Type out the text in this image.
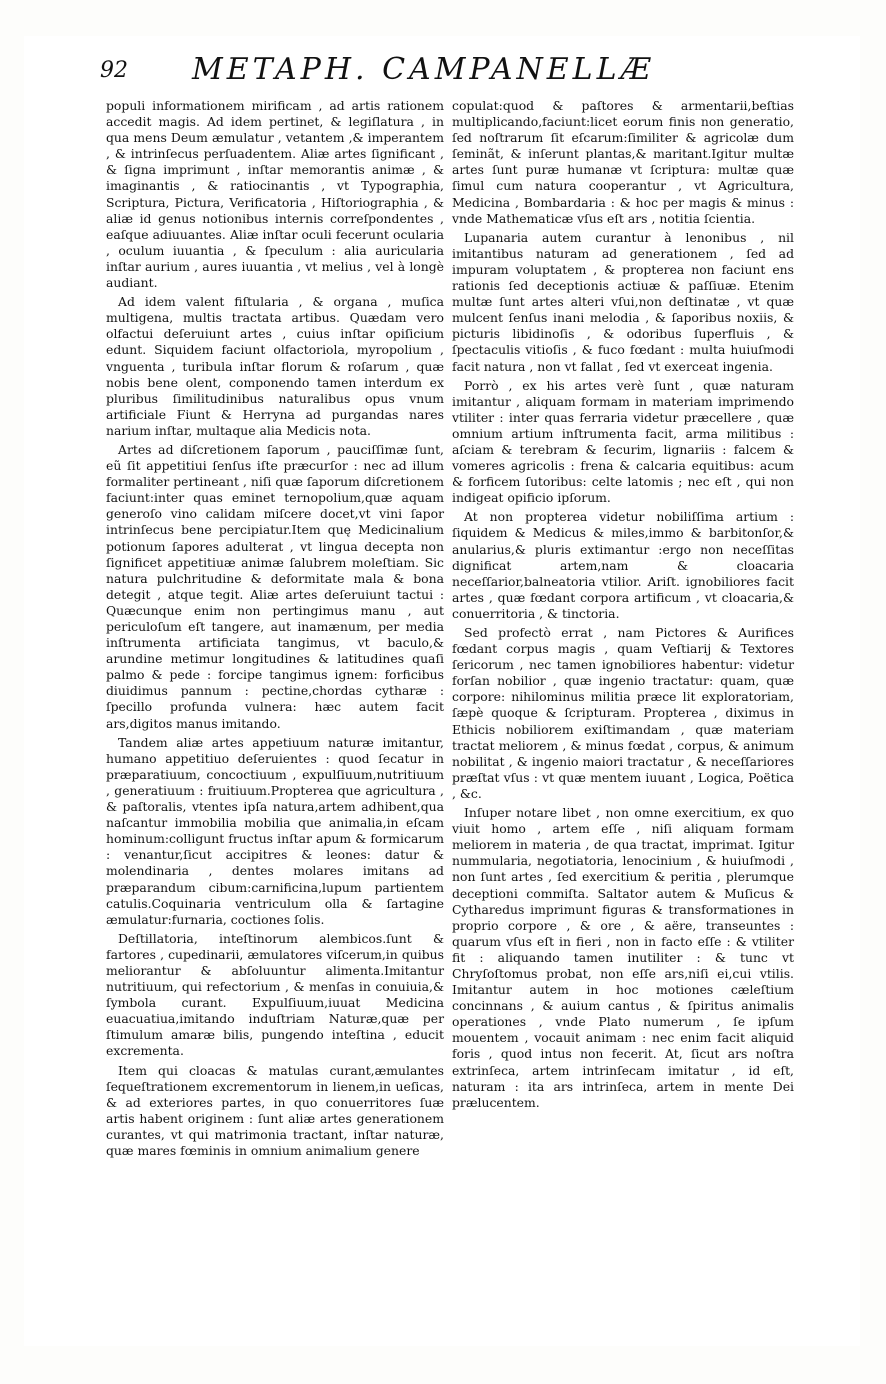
92 METAPH. CAMPANELLÆ

populi informationem mirificam , ad artis rationem accedit magis. Ad idem pertinet, & legiſlatura , in qua mens Deum æmulatur , vetantem ,& imperantem , & intrinſecus perſuadentem. Aliæ artes ſignificant , & ſigna imprimunt , inſtar memorantis animæ , & imaginantis , & ratiocinantis , vt Typographia, Scriptura, Pictura, Verificatoria , Hiſtoriographia , & aliæ id genus notionibus internis correſpondentes , eaſque adiuuantes. Aliæ inſtar oculi fecerunt ocularia , oculum iuuantia , & ſpeculum : alia auricularia inſtar aurium , aures iuuantia , vt melius , vel à longè audiant.

Ad idem valent fiſtularia , & organa , muſica multigena, multis tractata artibus. Quædam vero olfactui deſeruiunt artes , cuius inſtar opiſicium edunt. Siquidem faciunt olfactoriola, myropolium , vnguenta , turibula inſtar florum & roſarum , quæ nobis bene olent, componendo tamen interdum ex pluribus ſimilitudinibus naturalibus opus vnum artificiale Fiunt & Herryna ad purgandas nares narium inſtar, multaque alia Medicis nota.

Artes ad diſcretionem ſaporum , pauciſſimæ ſunt, eũ ſit appetitiui ſenſus iſte præcurſor : nec ad illum formaliter pertineant , niſi quæ ſaporum diſcretionem faciunt:inter quas eminet ternopolium,quæ aquam generoſo vino calidam miſcere docet,vt vini ſapor intrinſecus bene percipiatur.Item quę Medicinalium potionum ſapores adulterat , vt lingua decepta non ſignificet appetitiuæ animæ ſalubrem moleſtiam. Sic natura pulchritudine & deformitate mala & bona detegit , atque tegit. Aliæ artes deſeruiunt tactui : Quæcunque enim non pertingimus manu , aut periculoſum eſt tangere, aut inamænum, per media inſtrumenta artificiata tangimus, vt baculo,& arundine metimur longitudines & latitudines quaſi palmo & pede : forcipe tangimus ignem: forficibus diuidimus pannum : pectine,chordas cytharæ : ſpecillo profunda vulnera: hæc autem facit ars,digitos manus imitando.

Tandem aliæ artes appetiuum naturæ imitantur, humano appetitiuo deſeruientes : quod ſecatur in præparatiuum, concoctiuum , expulſiuum,nutritiuum , generatiuum : fruitiuum.Propterea que agricultura , & paſtoralis, vtentes ipſa natura,artem adhibent,qua naſcantur immobilia mobilia que animalia,in eſcam hominum:colligunt fructus inſtar apum & formicarum : venantur,ſicut accipitres & leones: datur & molendinaria , dentes molares imitans ad præparandum cibum:carnificina,lupum partientem catulis.Coquinaria ventriculum olla & ſartagine æmulatur:furnaria, coctiones ſolis.

Deſtillatoria, inteſtinorum alembicos.ſunt & fartores , cupedinarii, æmulatores viſcerum,in quibus meliorantur & abſoluuntur alimenta.Imitantur nutritiuum, qui refectorium , & menſas in conuiuia,& ſymbola curant. Expulſiuum,iuuat Medicina euacuatiua,imitando induſtriam Naturæ,quæ per ſtimulum amaræ bilis, pungendo inteſtina , educit excrementa.

Item qui cloacas & matulas curant,æmulantes ſequeſtrationem excrementorum in lienem,in ueſicas, & ad exteriores partes, in quo conuerritores ſuæ artis habent originem : ſunt aliæ artes generationem curantes, vt qui matrimonia tractant, inſtar naturæ, quæ mares fœminis in omnium animalium genere

copulat:quod & paſtores & armentarii,beſtias multiplicando,faciunt:licet eorum finis non generatio, ſed noſtrarum ſit eſcarum:ſimiliter & agricolæ dum ſeminãt, & inſerunt plantas,& maritant.Igitur multæ artes ſunt puræ humanæ vt ſcriptura: multæ quæ ſimul cum natura cooperantur , vt Agricultura, Medicina , Bombardaria : & hoc per magis & minus : vnde Mathematicæ vſus eſt ars , notitia ſcientia.

Lupanaria autem curantur à lenonibus , nil imitantibus naturam ad generationem , ſed ad impuram voluptatem , & propterea non faciunt ens rationis ſed deceptionis actiuæ & paſſiuæ. Etenim multæ ſunt artes alteri vſui,non deſtinatæ , vt quæ mulcent ſenſus inani melodia , & ſaporibus noxiis, & picturis libidinoſis , & odoribus ſuperfluis , & ſpectaculis vitioſis , & fuco fœdant : multa huiuſmodi facit natura , non vt fallat , ſed vt exerceat ingenia.

Porrò , ex his artes verè ſunt , quæ naturam imitantur , aliquam formam in materiam imprimendo vtiliter : inter quas ferraria videtur præcellere , quæ omnium artium inſtrumenta facit, arma militibus : aſciam & terebram & ſecurim, lignariis : falcem & vomeres agricolis : frena & calcaria equitibus: acum & forficem ſutoribus: celte latomis ; nec eſt , qui non indigeat opificio ipſorum.

At non propterea videtur nobiliſſima artium : ſiquidem & Medicus & miles,immo & barbitonſor,& anularius,& pluris extimantur :ergo non neceſſitas dignificat artem,nam & cloacaria neceſſarior,balneatoria vtilior. Ariſt. ignobiliores facit artes , quæ fœdant corpora artificum , vt cloacaria,& conuerritoria , & tinctoria.

Sed profectò errat , nam Pictores & Aurifices fœdant corpus magis , quam Veſtiarij & Textores ſericorum , nec tamen ignobiliores habentur: videtur forſan nobilior , quæ ingenio tractatur: quam, quæ corpore: nihilominus militia præce lit exploratoriam, ſæpè quoque & ſcripturam. Propterea , diximus in Ethicis nobiliorem exiſtimandam , quæ materiam tractat meliorem , & minus fœdat , corpus, & animum nobilitat , & ingenio maiori tractatur , & neceſſariores præſtat vſus : vt quæ mentem iuuant , Logica, Poëtica , &c.

Inſuper notare libet , non omne exercitium, ex quo viuit homo , artem eſſe , niſi aliquam formam meliorem in materia , de qua tractat, imprimat. Igitur nummularia, negotiatoria, lenocinium , & huiuſmodi , non ſunt artes , ſed exercitium & peritia , plerumque deceptioni commiſta. Saltator autem & Muſicus & Cytharedus imprimunt figuras & transformationes in proprio corpore , & ore , & aëre, transeuntes : quarum vſus eſt in fieri , non in facto eſſe : & vtiliter fit : aliquando tamen inutiliter : & tunc vt Chryſoſtomus probat, non eſſe ars,niſi ei,cui vtilis. Imitantur autem in hoc motiones cæleſtium concinnans , & auium cantus , & ſpiritus animalis operationes , vnde Plato numerum , ſe ipſum mouentem , vocauit animam : nec enim facit aliquid foris , quod intus non fecerit. At, ſicut ars noſtra extrinſeca, artem intrinſecam imitatur , id eſt, naturam : ita ars intrinſeca, artem in mente Dei prælucentem.
